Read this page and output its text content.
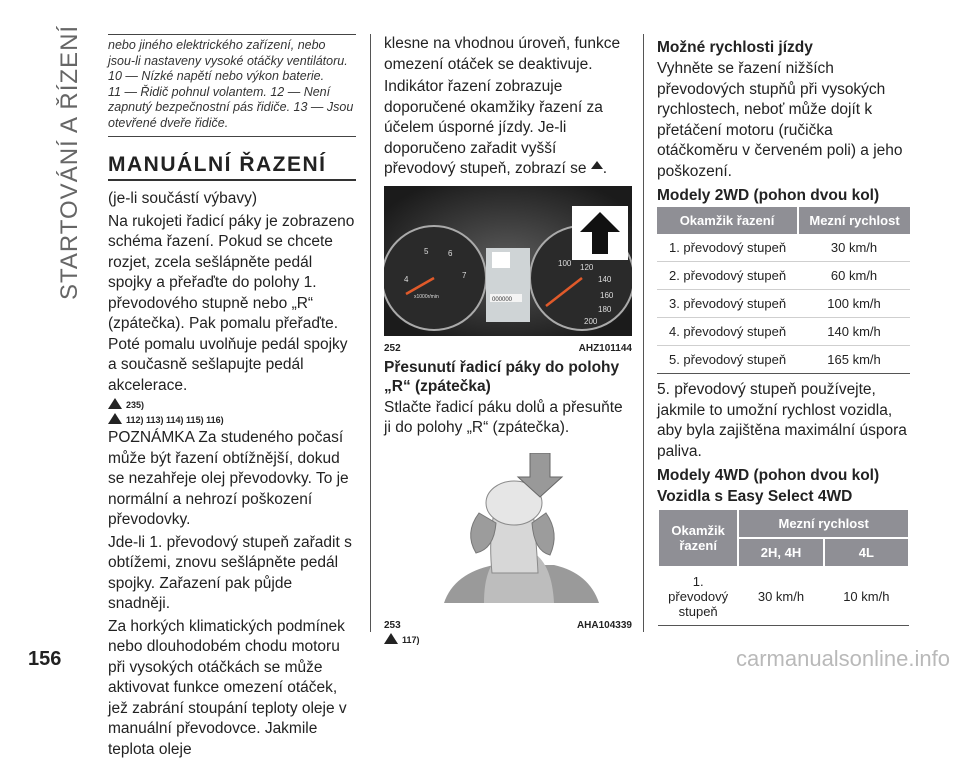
STARTOVÁNÍ A ŘÍZENÍ nebo jiného elektrického zařízení, nebo jsou-li nastaveny vysoké otáčky ventilátoru. 10 — Nízké napětí nebo výkon baterie.
11 — Řidič pohnul volantem. 12 — Není zapnutý bezpečnostní pás řidiče. 13 — Jsou otevřené dveře řidiče.
MANUÁLNÍ ŘAZENÍ

(je-li součástí výbavy)

Na rukojeti řadicí páky je zobrazeno schéma řazení. Pokud se chcete rozjet, zcela sešlápněte pedál spojky a přeřaďte do polohy 1. převodového stupně nebo „R“ (zpátečka). Pak pomalu přeřaďte. Poté pomalu uvolňuje pedál spojky a současně sešlapujte pedál akcelerace.

235)
112) 113) 114) 115) 116)

POZNÁMKA Za studeného počasí může být řazení obtížnější, dokud se nezahřeje olej převodovky. To je normální a nehrozí poškození převodovky.

Jde-li 1. převodový stupeň zařadit s obtížemi, znovu sešlápněte pedál spojky. Zařazení pak půjde snadněji.

Za horkých klimatických podmínek nebo dlouhodobém chodu motoru při vysokých otáčkách se může aktivovat funkce omezení otáček, jež zabrání stoupání teploty oleje v manuální převodovce. Jakmile teplota oleje

klesne na vhodnou úroveň, funkce omezení otáček se deaktivuje.

Indikátor řazení zobrazuje doporučené okamžiky řazení za účelem úsporné jízdy. Je-li doporučeno zařadit vyšší převodový stupeň, zobrazí se .

4
5 6
7
x1000r/min
100 120
140
160
180
200
000000
252	AHZ101144
Přesunutí řadicí páky do polohy „R“ (zpátečka)

Stlačte řadicí páku dolů a přesuňte ji do polohy „R“ (zpátečka).

253	AHA104339
117)
Možné rychlosti jízdy

Vyhněte se řazení nižších převodových stupňů při vysokých rychlostech, neboť může dojít k přetáčení motoru (ručička otáčkoměru v červeném poli) a jeho poškození.

Modely 2WD (pohon dvou kol)
Okamžik řazení	Mezní rychlost
1. převodový stupeň	30 km/h
2. převodový stupeň	60 km/h
3. převodový stupeň	100 km/h
4. převodový stupeň	140 km/h
5. převodový stupeň	165 km/h

5. převodový stupeň používejte, jakmile to umožní rychlost vozidla, aby byla zajištěna maximální úspora paliva.

Modely 4WD (pohon dvou kol)
Vozidla s Easy Select 4WD
Okamžik řazení	Mezní rychlost	
	2H, 4H	4L
1. převodový stupeň	30 km/h	10 km/h
156	carmanualsonline.info
